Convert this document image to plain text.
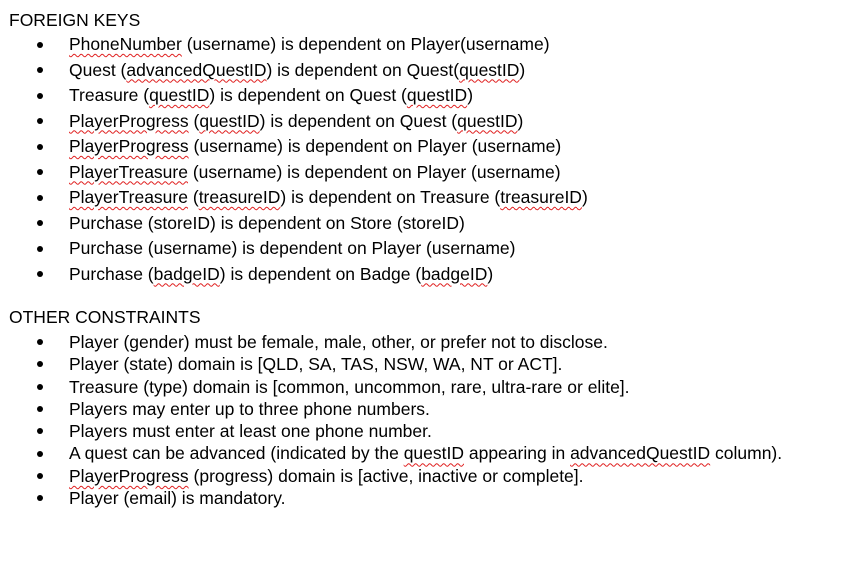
FOREIGN KEYS
PhoneNumber (username) is dependent on Player(username)
Quest (advancedQuestID) is dependent on Quest(questID)
Treasure (questID) is dependent on Quest (questID)
PlayerProgress (questID) is dependent on Quest (questID)
PlayerProgress (username) is dependent on Player (username)
PlayerTreasure (username) is dependent on Player (username)
PlayerTreasure (treasureID) is dependent on Treasure (treasureID)
Purchase (storeID) is dependent on Store (storeID)
Purchase (username) is dependent on Player (username)
Purchase (badgeID) is dependent on Badge (badgeID)
OTHER CONSTRAINTS
Player (gender) must be female, male, other, or prefer not to disclose.
Player (state) domain is [QLD, SA, TAS, NSW, WA, NT or ACT].
Treasure (type) domain is [common, uncommon, rare, ultra-rare or elite].
Players may enter up to three phone numbers.
Players must enter at least one phone number.
A quest can be advanced (indicated by the questID appearing in advancedQuestID column).
PlayerProgress (progress) domain is [active, inactive or complete].
Player (email) is mandatory.
